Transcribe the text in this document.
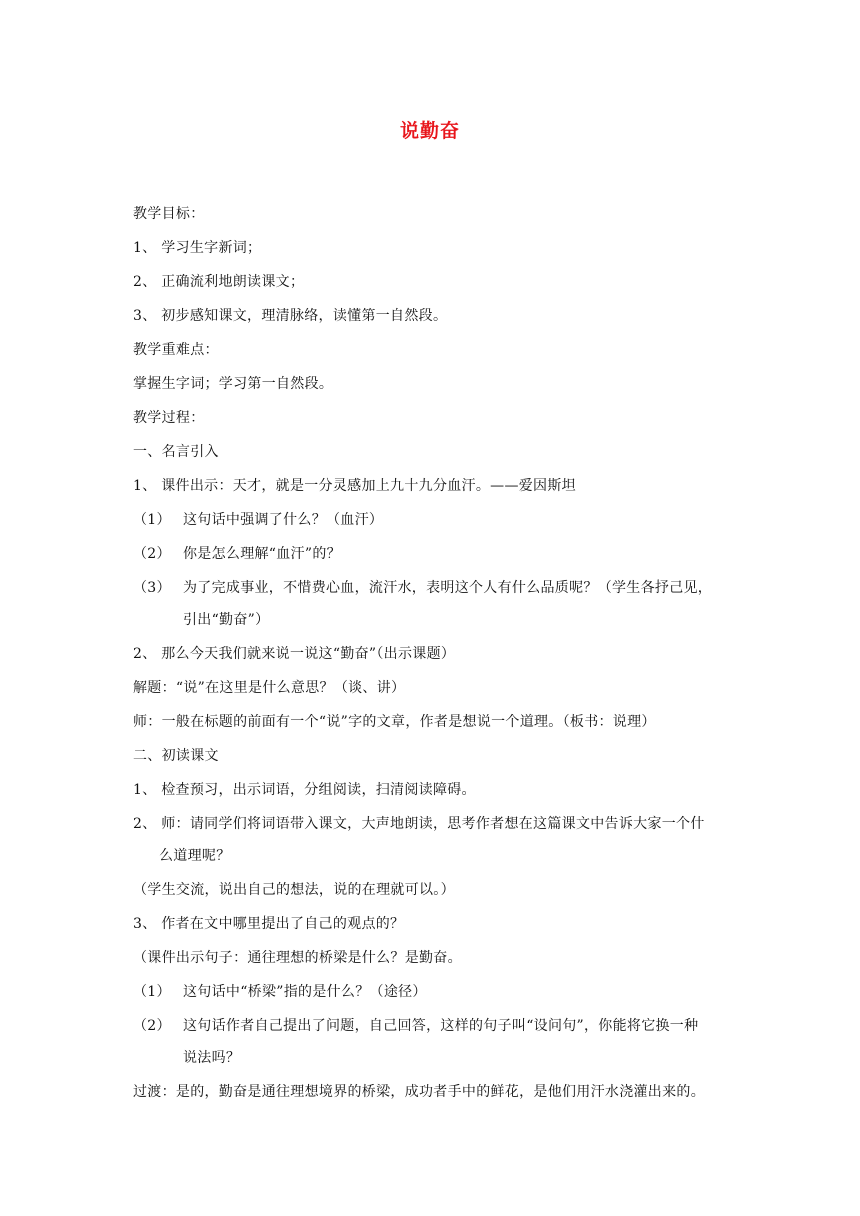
说勤奋
教学目标：
1、 学习生字新词；
2、 正确流利地朗读课文；
3、 初步感知课文，理清脉络，读懂第一自然段。
教学重难点：
掌握生字词；学习第一自然段。
教学过程：
一、名言引入
1、 课件出示：天才，就是一分灵感加上九十九分血汗。——爱因斯坦
（1） 这句话中强调了什么？（血汗）
（2） 你是怎么理解“血汗”的？
（3） 为了完成事业，不惜费心血，流汗水，表明这个人有什么品质呢？（学生各抒己见，
引出“勤奋”）
2、 那么今天我们就来说一说这“勤奋”（出示课题）
解题：“说”在这里是什么意思？（谈、讲）
师：一般在标题的前面有一个“说”字的文章，作者是想说一个道理。（板书：说理）
二、初读课文
1、 检查预习，出示词语，分组阅读，扫清阅读障碍。
2、 师：请同学们将词语带入课文，大声地朗读，思考作者想在这篇课文中告诉大家一个什
么道理呢？
（学生交流，说出自己的想法，说的在理就可以。）
3、 作者在文中哪里提出了自己的观点的？
（课件出示句子：通往理想的桥梁是什么？是勤奋。
（1） 这句话中“桥梁”指的是什么？（途径）
（2） 这句话作者自己提出了问题，自己回答，这样的句子叫“设问句”，你能将它换一种
说法吗？
过渡：是的，勤奋是通往理想境界的桥梁，成功者手中的鲜花，是他们用汗水浇灌出来的。
